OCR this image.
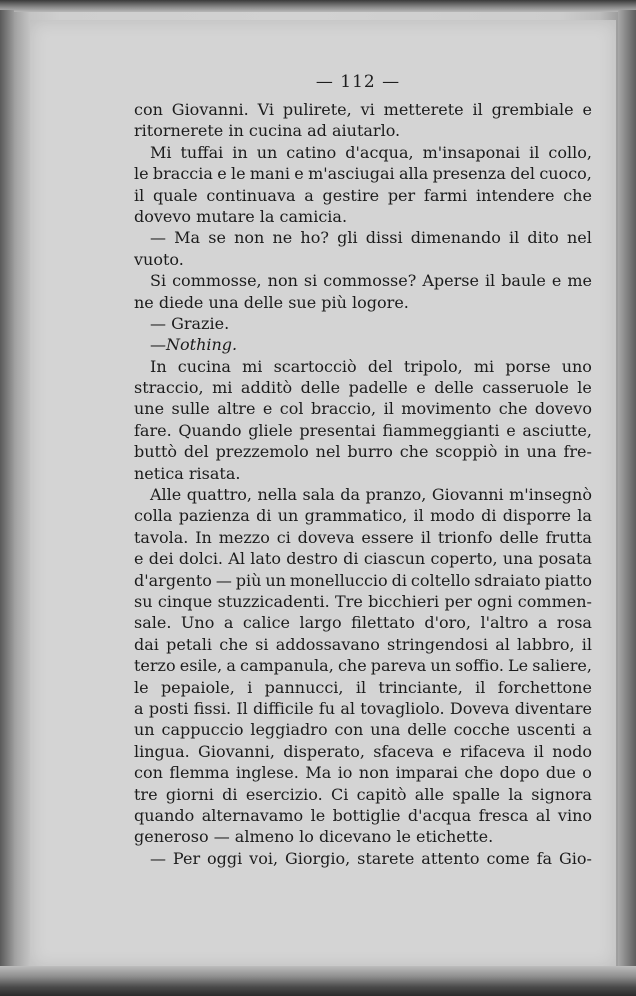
— 112 —
con Giovanni. Vi pulirete, vi metterete il grembiale e
ritornerete in cucina ad aiutarlo.
Mi tuffai in un catino d'acqua, m'insaponai il collo,
le braccia e le mani e m'asciugai alla presenza del cuoco,
il quale continuava a gestire per farmi intendere che
dovevo mutare la camicia.
— Ma se non ne ho? gli dissi dimenando il dito nel
vuoto.
Si commosse, non si commosse? Aperse il baule e me
ne diede una delle sue più logore.
— Grazie.
— Nothing.
In cucina mi scartocciò del tripolo, mi porse uno
straccio, mi additò delle padelle e delle casseruole le
une sulle altre e col braccio, il movimento che dovevo
fare. Quando gliele presentai fiammeggianti e asciutte,
buttò del prezzemolo nel burro che scoppiò in una fre-
netica risata.
Alle quattro, nella sala da pranzo, Giovanni m'insegnò
colla pazienza di un grammatico, il modo di disporre la
tavola. In mezzo ci doveva essere il trionfo delle frutta
e dei dolci. Al lato destro di ciascun coperto, una posata
d'argento — più un monelluccio di coltello sdraiato piatto
su cinque stuzzicadenti. Tre bicchieri per ogni commen-
sale. Uno a calice largo filettato d'oro, l'altro a rosa
dai petali che si addossavano stringendosi al labbro, il
terzo esile, a campanula, che pareva un soffio. Le saliere,
le pepaiole, i pannucci, il trinciante, il forchettone
a posti fissi. Il difficile fu al tovagliolo. Doveva diventare
un cappuccio leggiadro con una delle cocche uscenti a
lingua. Giovanni, disperato, sfaceva e rifaceva il nodo
con flemma inglese. Ma io non imparai che dopo due o
tre giorni di esercizio. Ci capitò alle spalle la signora
quando alternavamo le bottiglie d'acqua fresca al vino
generoso — almeno lo dicevano le etichette.
— Per oggi voi, Giorgio, starete attento come fa Gio-
